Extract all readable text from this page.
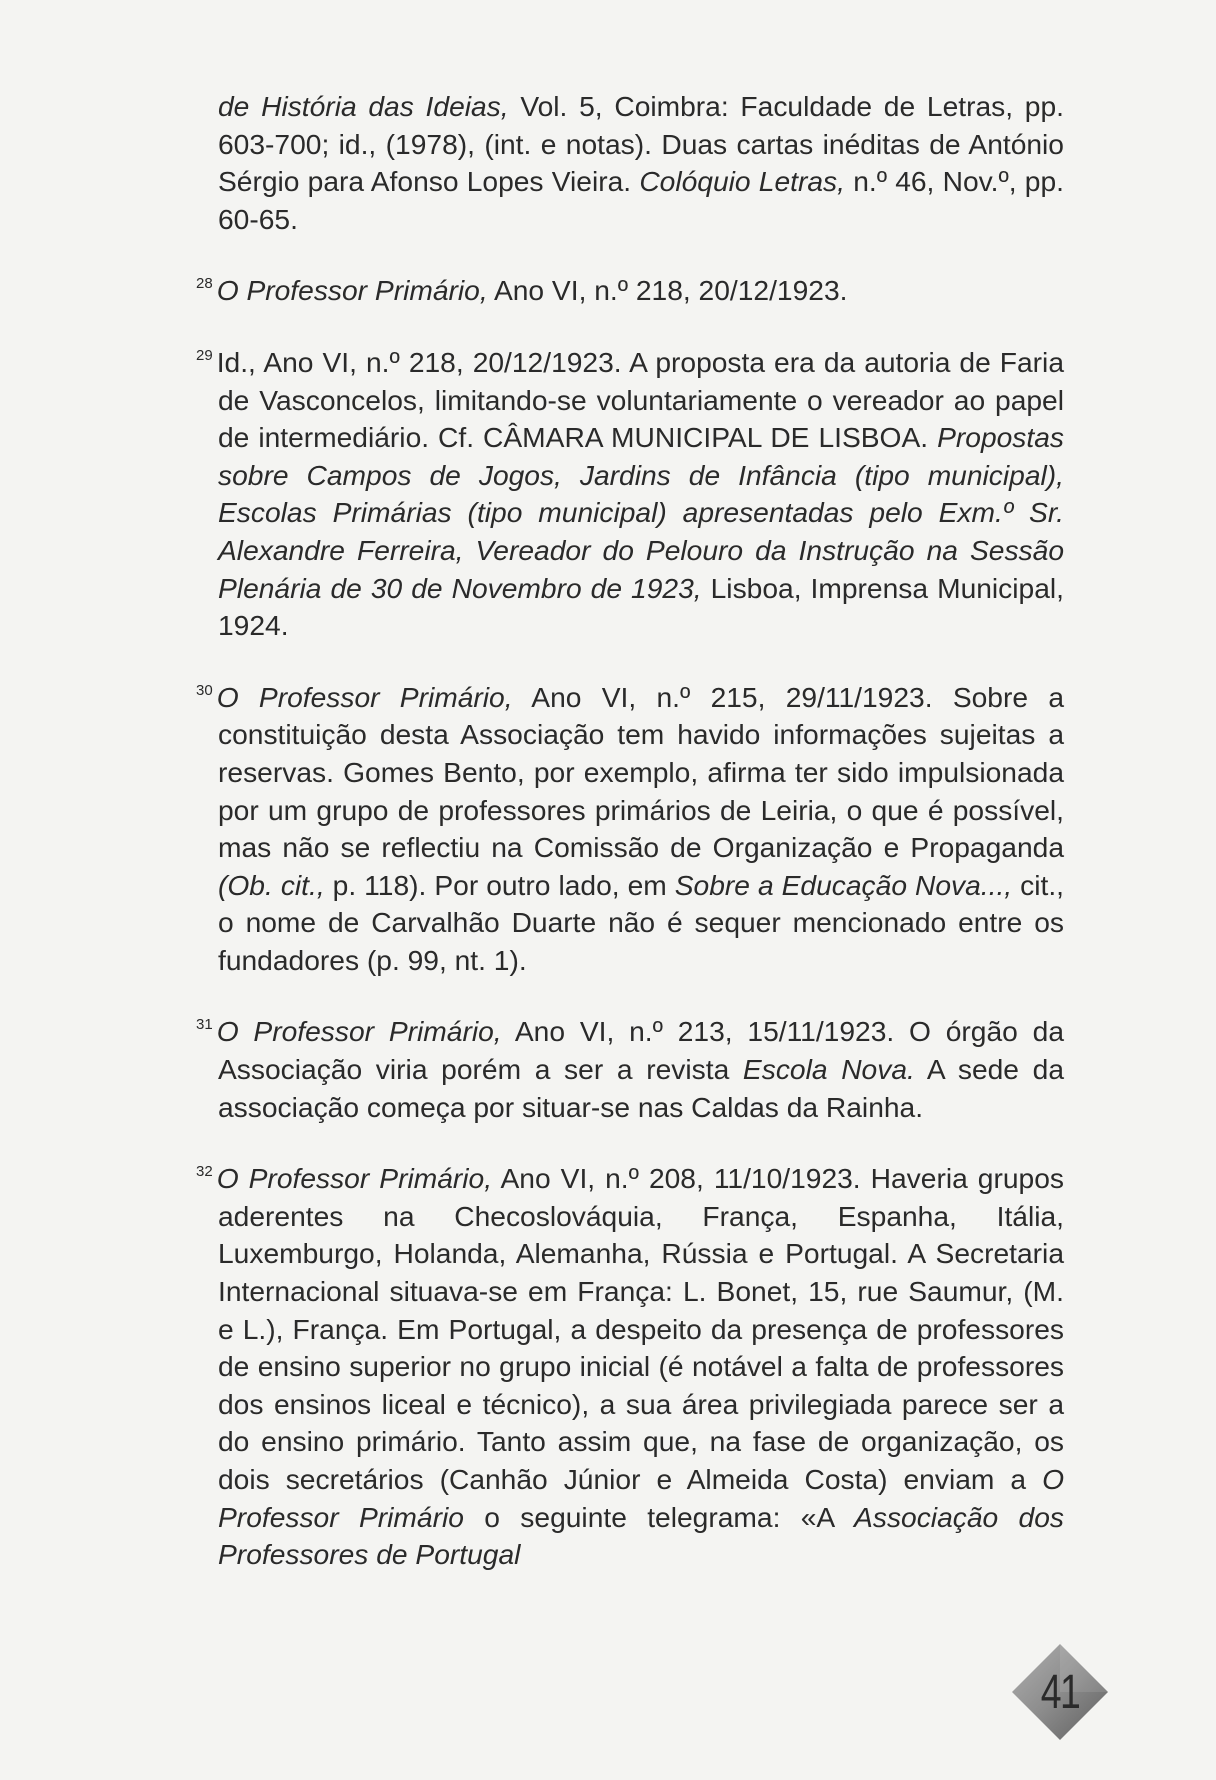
de História das Ideias, Vol. 5, Coimbra: Faculdade de Letras, pp. 603-700; id., (1978), (int. e notas). Duas cartas inéditas de António Sérgio para Afonso Lopes Vieira. Colóquio Letras, n.º 46, Nov.º, pp. 60-65.

$^{28}$ O Professor Primário, Ano VI, n.º 218, 20/12/1923.

$^{29}$ Id., Ano VI, n.º 218, 20/12/1923. A proposta era da autoria de Faria de Vasconcelos, limitando-se voluntariamente o vereador ao papel de intermediário. Cf. CÂMARA MUNICIPAL DE LISBOA. Propostas sobre Campos de Jogos, Jardins de Infância (tipo municipal), Escolas Primárias (tipo municipal) apresentadas pelo Exm.º Sr. Alexandre Ferreira, Vereador do Pelouro da Instrução na Sessão Plenária de 30 de Novembro de 1923, Lisboa, Imprensa Municipal, 1924.

$^{30}$ O Professor Primário, Ano VI, n.º 215, 29/11/1923. Sobre a constituição desta Associação tem havido informações sujeitas a reservas. Gomes Bento, por exemplo, afirma ter sido impulsionada por um grupo de professores primários de Leiria, o que é possível, mas não se reflectiu na Comissão de Organização e Propaganda (Ob. cit., p. 118). Por outro lado, em Sobre a Educação Nova..., cit., o nome de Carvalhão Duarte não é sequer mencionado entre os fundadores (p. 99, nt. 1).

$^{31}$ O Professor Primário, Ano VI, n.º 213, 15/11/1923. O órgão da Associação viria porém a ser a revista Escola Nova. A sede da associação começa por situar-se nas Caldas da Rainha.

$^{32}$ O Professor Primário, Ano VI, n.º 208, 11/10/1923. Haveria grupos aderentes na Checoslováquia, França, Espanha, Itália, Luxemburgo, Holanda, Alemanha, Rússia e Portugal. A Secretaria Internacional situava-se em França: L. Bonet, 15, rue Saumur, (M. e L.), França. Em Portugal, a despeito da presença de professores de ensino superior no grupo inicial (é notável a falta de professores dos ensinos liceal e técnico), a sua área privilegiada parece ser a do ensino primário. Tanto assim que, na fase de organização, os dois secretários (Canhão Júnior e Almeida Costa) enviam a O Professor Primário o seguinte telegrama: «A Associação dos Professores de Portugal

41
